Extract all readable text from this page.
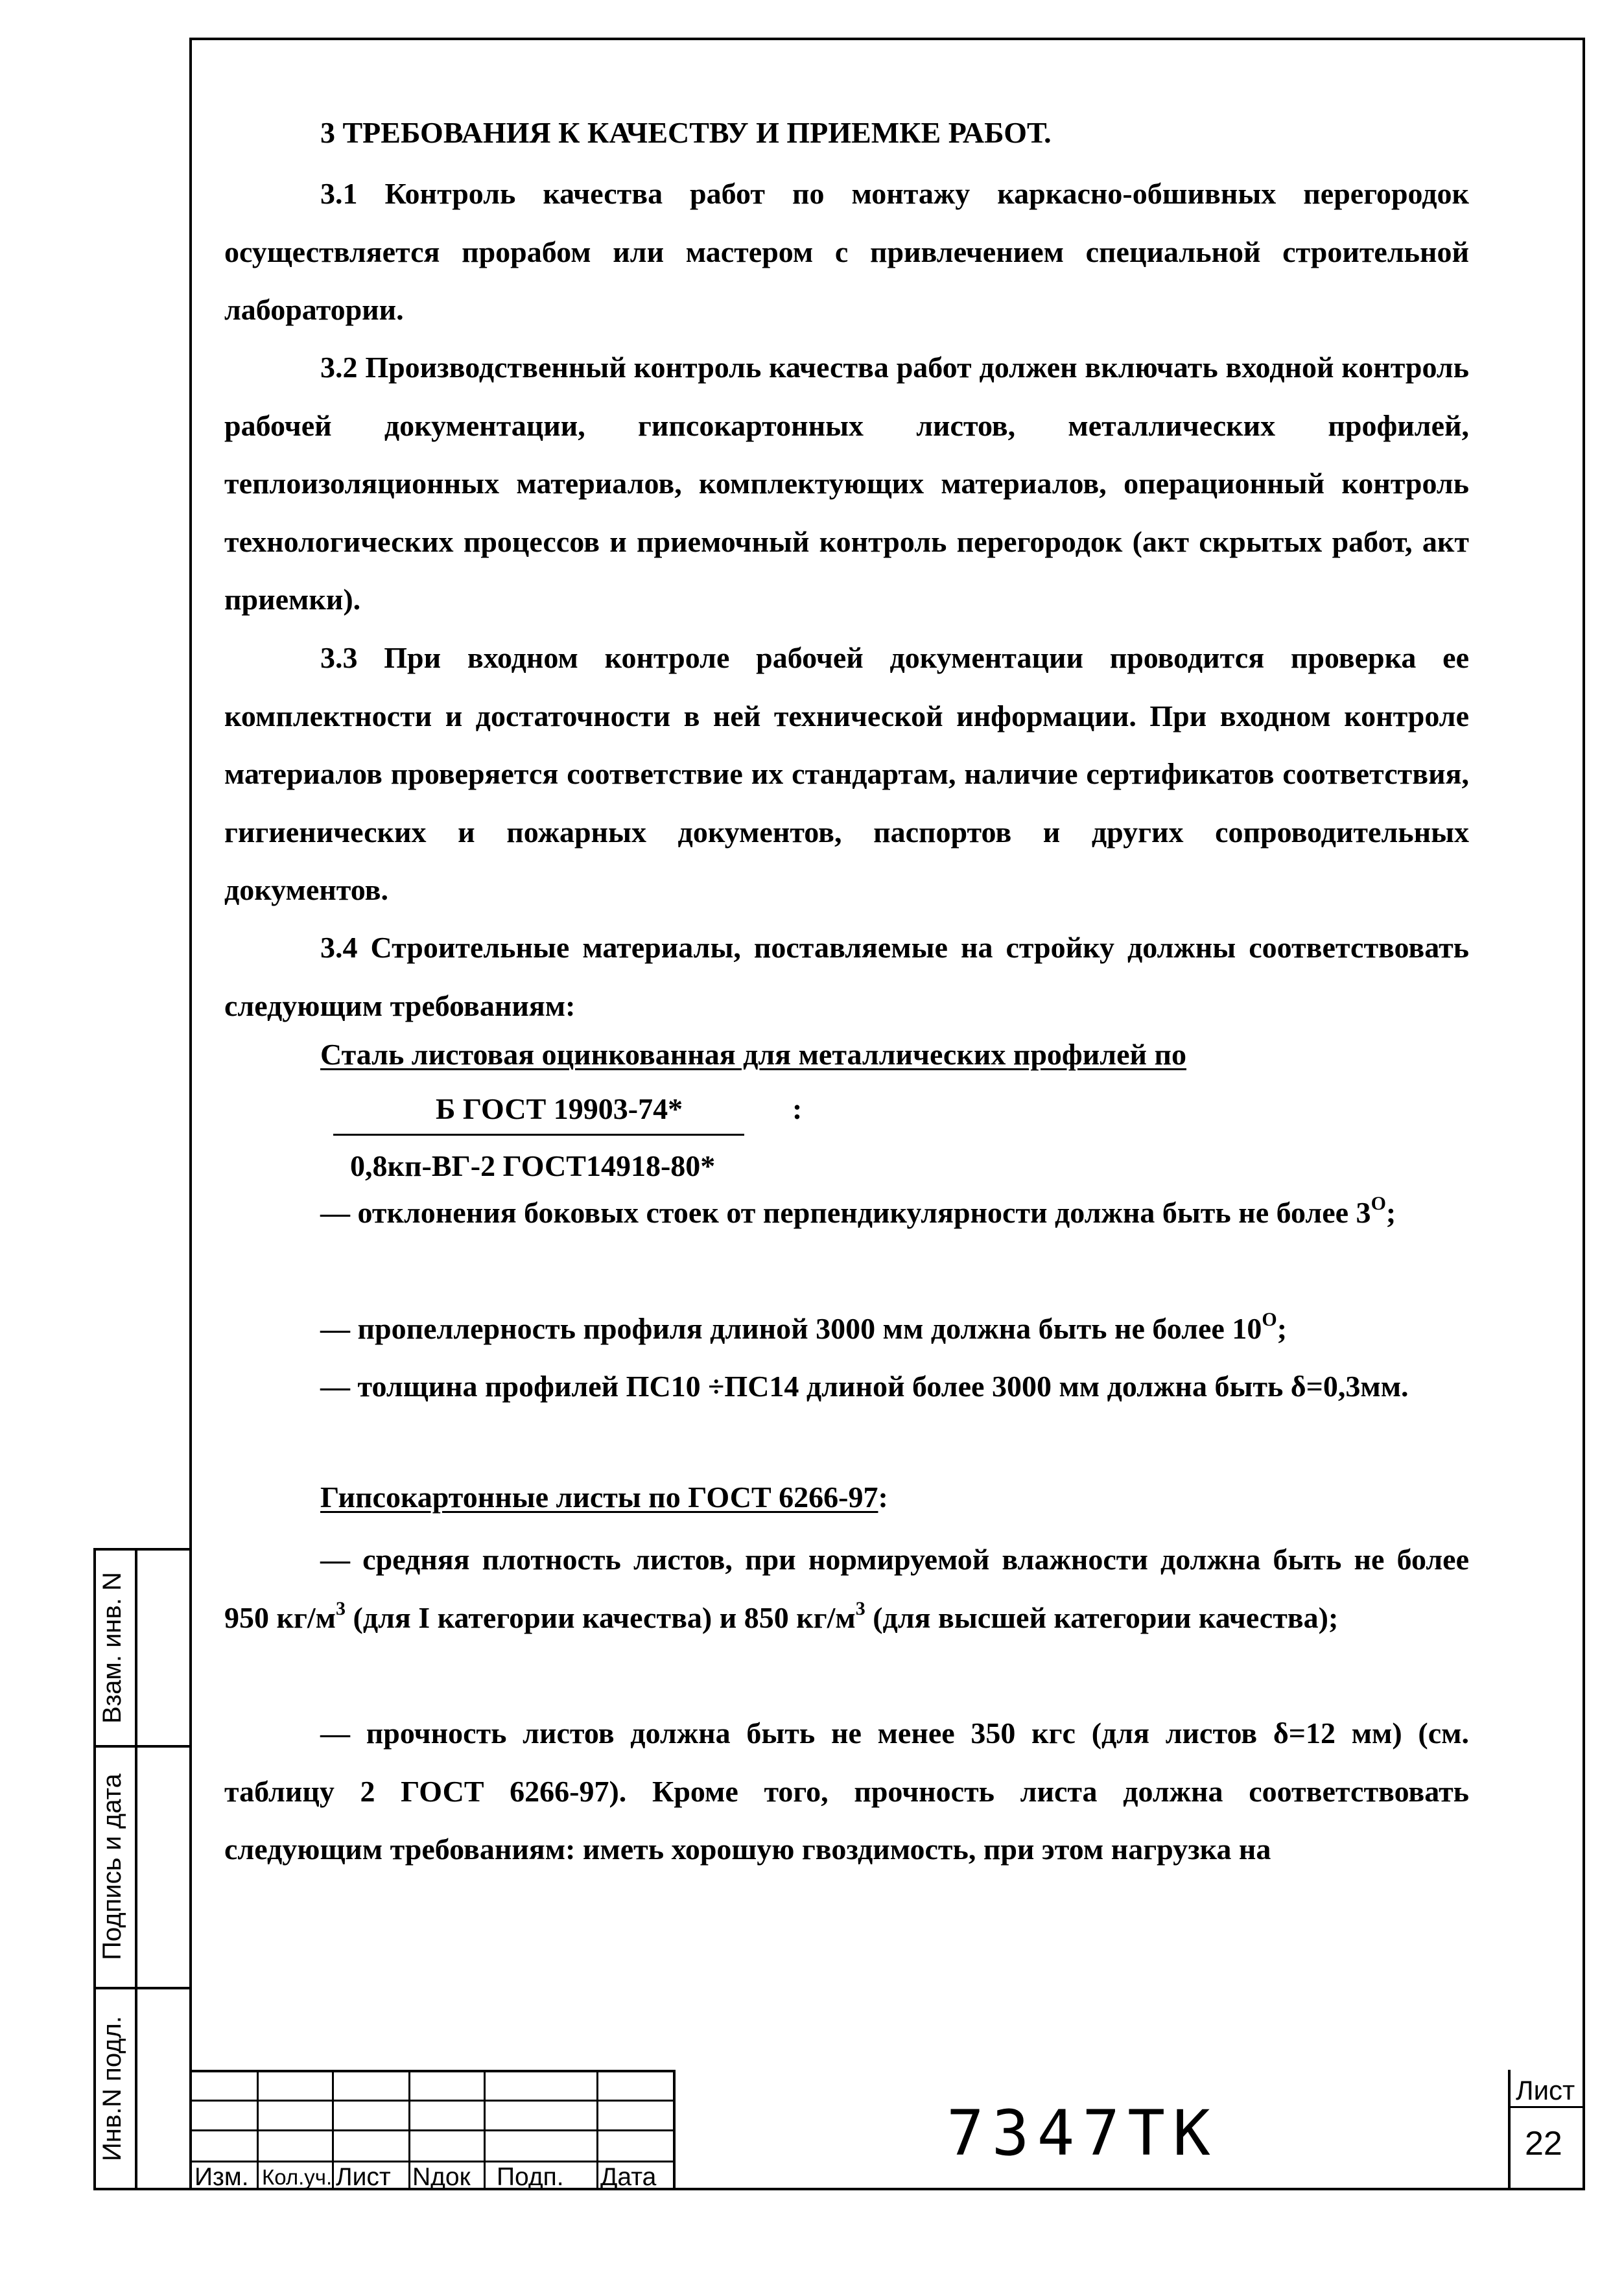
3 ТРЕБОВАНИЯ К КАЧЕСТВУ И ПРИЕМКЕ РАБОТ.
3.1 Контроль качества работ по монтажу каркасно-обшивных перегородок осуществляется прорабом или мастером с привлечением специальной строительной лаборатории.
3.2 Производственный контроль качества работ должен включать входной контроль рабочей документации, гипсокартонных листов, металлических профилей, теплоизоляционных материалов, комплектующих материалов, операционный контроль технологических процессов и приемочный контроль перегородок (акт скрытых работ, акт приемки).
3.3 При входном контроле рабочей документации проводится проверка ее комплектности и достаточности в ней технической информации. При входном контроле материалов проверяется соответствие их стандартам, наличие сертификатов соответствия, гигиенических и пожарных документов, паспортов и других сопроводительных документов.
3.4 Строительные материалы, поставляемые на стройку должны соответствовать следующим требованиям:
Сталь листовая оцинкованная для металлических профилей по
Б ГОСТ 19903-74*	:
0,8кп-ВГ-2 ГОСТ14918-80*
— отклонения боковых стоек от перпендикулярности должна быть не более $3^О$;
— пропеллерность профиля длиной 3000 мм должна быть не более $10^О$;
— толщина профилей ПС10 ÷ПС14 длиной более 3000 мм должна быть δ=0,3мм.
Гипсокартонные листы по ГОСТ 6266-97:
— средняя плотность листов, при нормируемой влажности должна быть не более 950 $кг/м^3$ (для I категории качества) и 850 $кг/м^3$ (для высшей категории качества);
— прочность листов должна быть не менее 350 кгс (для листов δ=12 мм) (см. таблицу 2 ГОСТ 6266-97). Кроме того, прочность листа должна соответствовать следующим требованиям: иметь хорошую гвоздимость, при этом нагрузка на
Взам. инв. N
Подпись и дата
Инв.N подл.
Изм. Кол.уч. Лист Nдок Подп. Дата
7347ТК
Лист
22
